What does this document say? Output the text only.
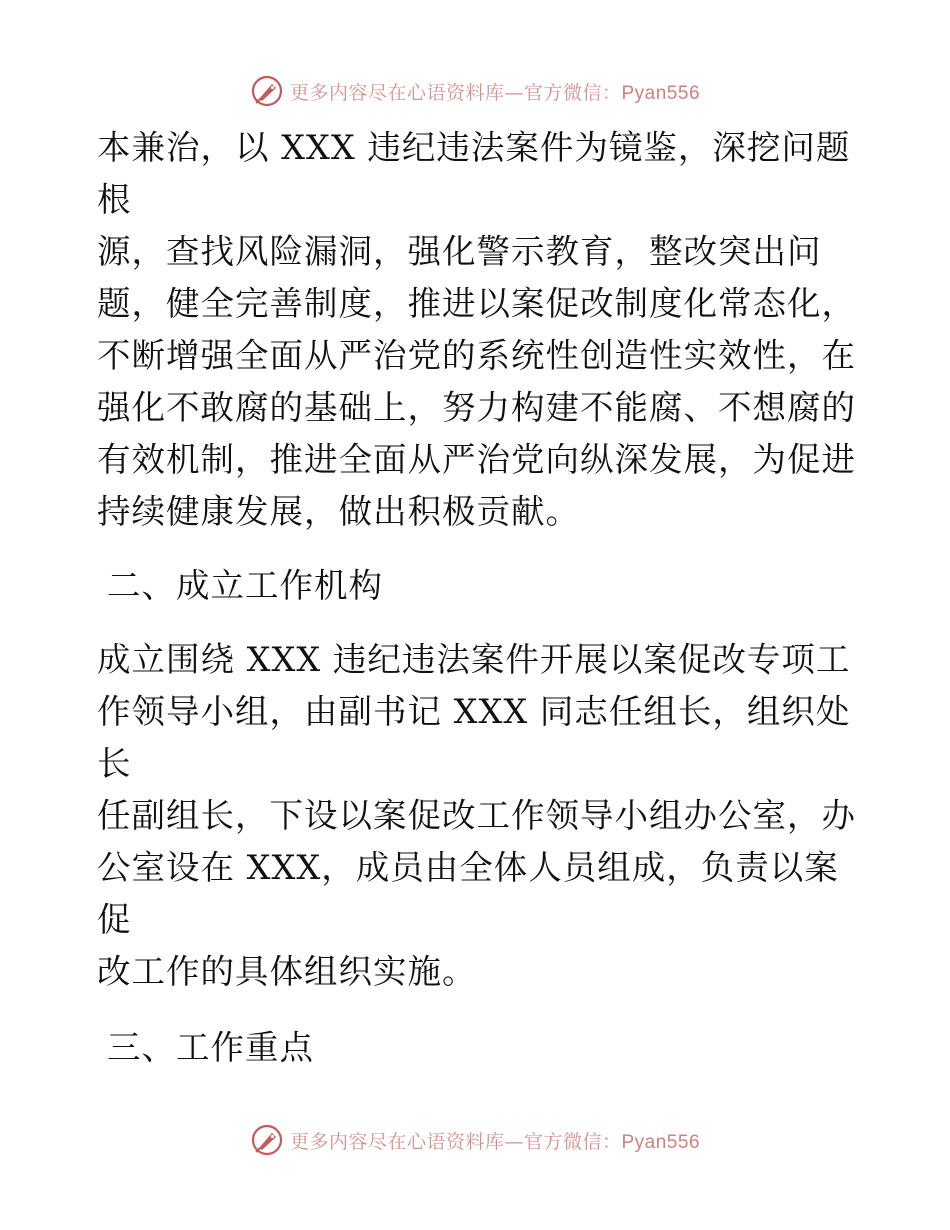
更多内容尽在心语资料库—官方微信：Pyan556

本兼治，以 XXX 违纪违法案件为镜鉴，深挖问题根
源，查找风险漏洞，强化警示教育，整改突出问
题，健全完善制度，推进以案促改制度化常态化，
不断增强全面从严治党的系统性创造性实效性，在
强化不敢腐的基础上，努力构建不能腐、不想腐的
有效机制，推进全面从严治党向纵深发展，为促进
持续健康发展，做出积极贡献。

二、成立工作机构

成立围绕 XXX 违纪违法案件开展以案促改专项工
作领导小组，由副书记 XXX 同志任组长，组织处长
任副组长，下设以案促改工作领导小组办公室，办
公室设在 XXX，成员由全体人员组成，负责以案促
改工作的具体组织实施。

三、工作重点

更多内容尽在心语资料库—官方微信：Pyan556
